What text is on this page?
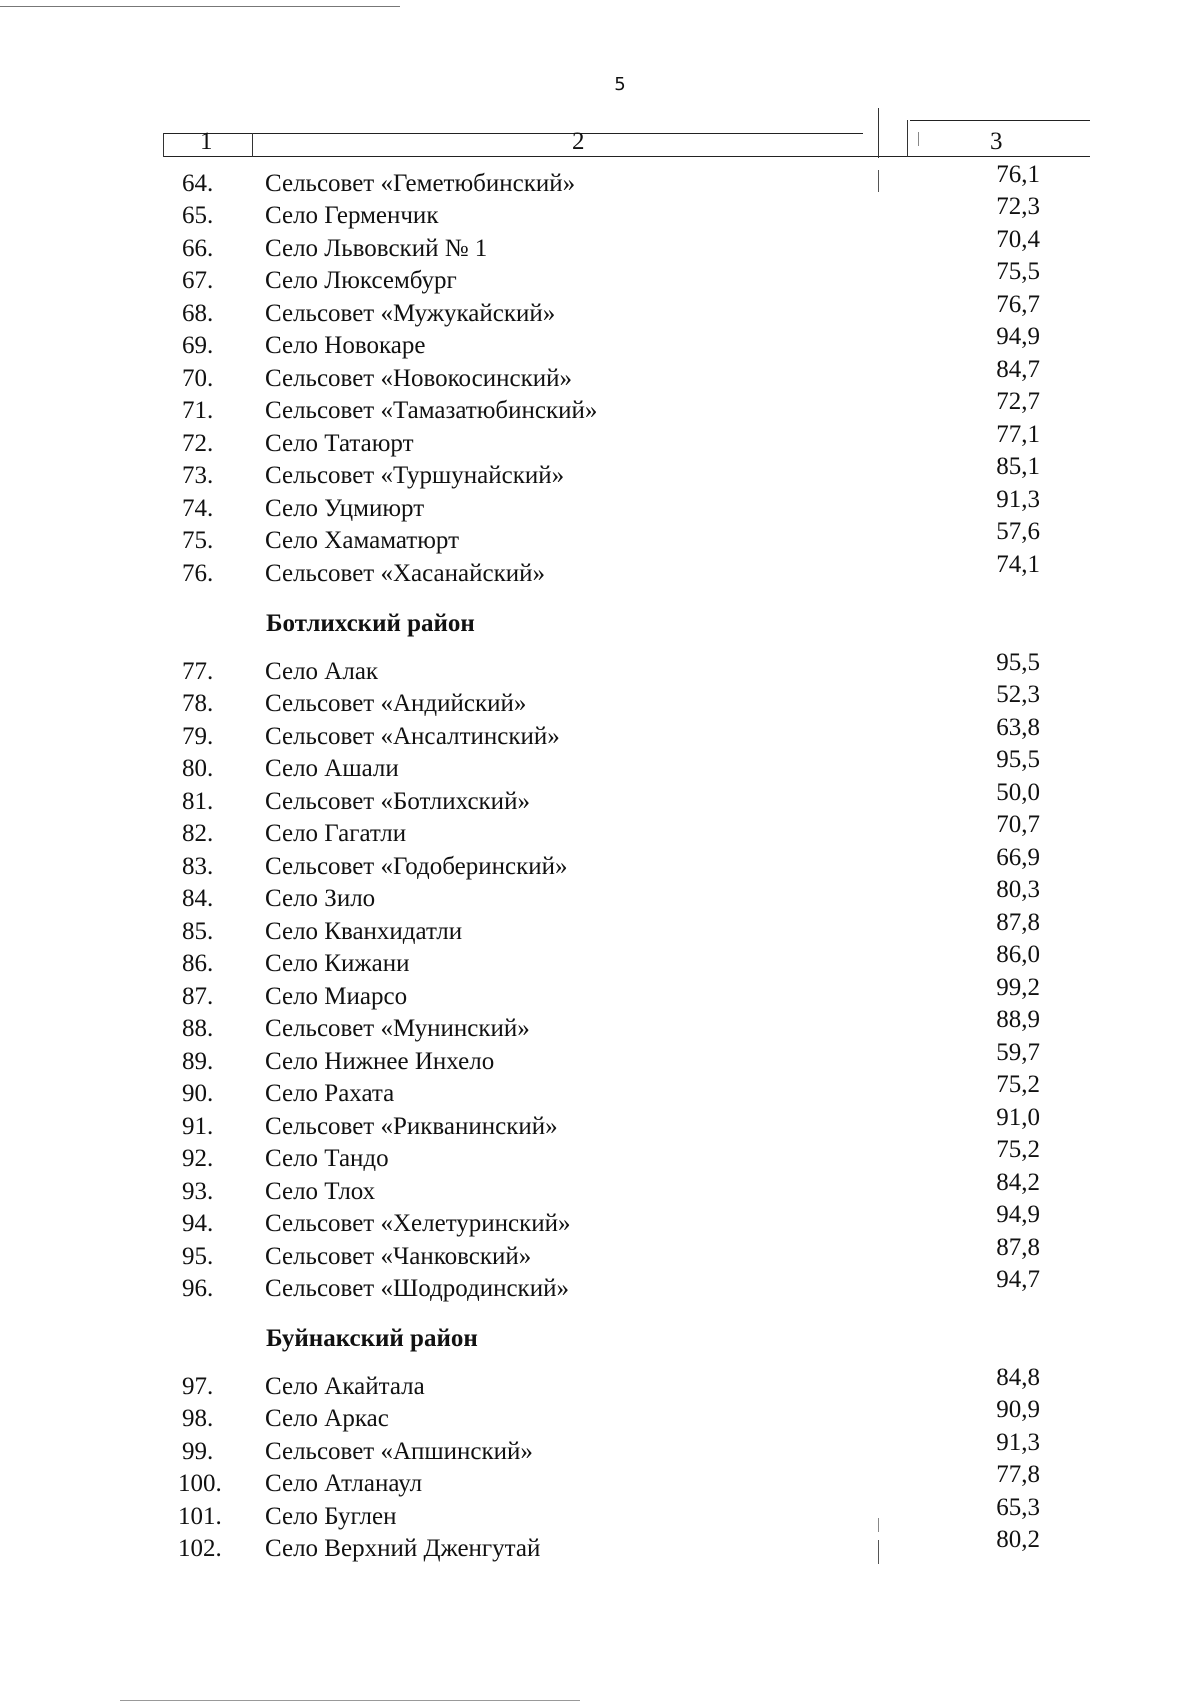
5
1	2	3
64.	Сельсовет «Геметюбинский»	76,1
65.	Село Герменчик	72,3
66.	Село Львовский № 1	70,4
67.	Село Люксембург	75,5
68.	Сельсовет «Мужукайский»	76,7
69.	Село Новокаре	94,9
70.	Сельсовет «Новокосинский»	84,7
71.	Сельсовет «Тамазатюбинский»	72,7
72.	Село Татаюрт	77,1
73.	Сельсовет «Туршунайский»	85,1
74.	Село Уцмиюрт	91,3
75.	Село Хамаматюрт	57,6
76.	Сельсовет «Хасанайский»	74,1
Ботлихский район
77.	Село Алак	95,5
78.	Сельсовет «Андийский»	52,3
79.	Сельсовет «Ансалтинский»	63,8
80.	Село Ашали	95,5
81.	Сельсовет «Ботлихский»	50,0
82.	Село Гагатли	70,7
83.	Сельсовет «Годоберинский»	66,9
84.	Село Зило	80,3
85.	Село Кванхидатли	87,8
86.	Село Кижани	86,0
87.	Село Миарсо	99,2
88.	Сельсовет «Мунинский»	88,9
89.	Село Нижнее Инхело	59,7
90.	Село Рахата	75,2
91.	Сельсовет «Рикванинский»	91,0
92.	Село Тандо	75,2
93.	Село Тлох	84,2
94.	Сельсовет «Хелетуринский»	94,9
95.	Сельсовет «Чанковский»	87,8
96.	Сельсовет «Шодродинский»	94,7
Буйнакский район
97.	Село Акайтала	84,8
98.	Село Аркас	90,9
99.	Сельсовет «Апшинский»	91,3
100.	Село Атланаул	77,8
101.	Село Буглен	65,3
102.	Село Верхний Дженгутай	80,2
